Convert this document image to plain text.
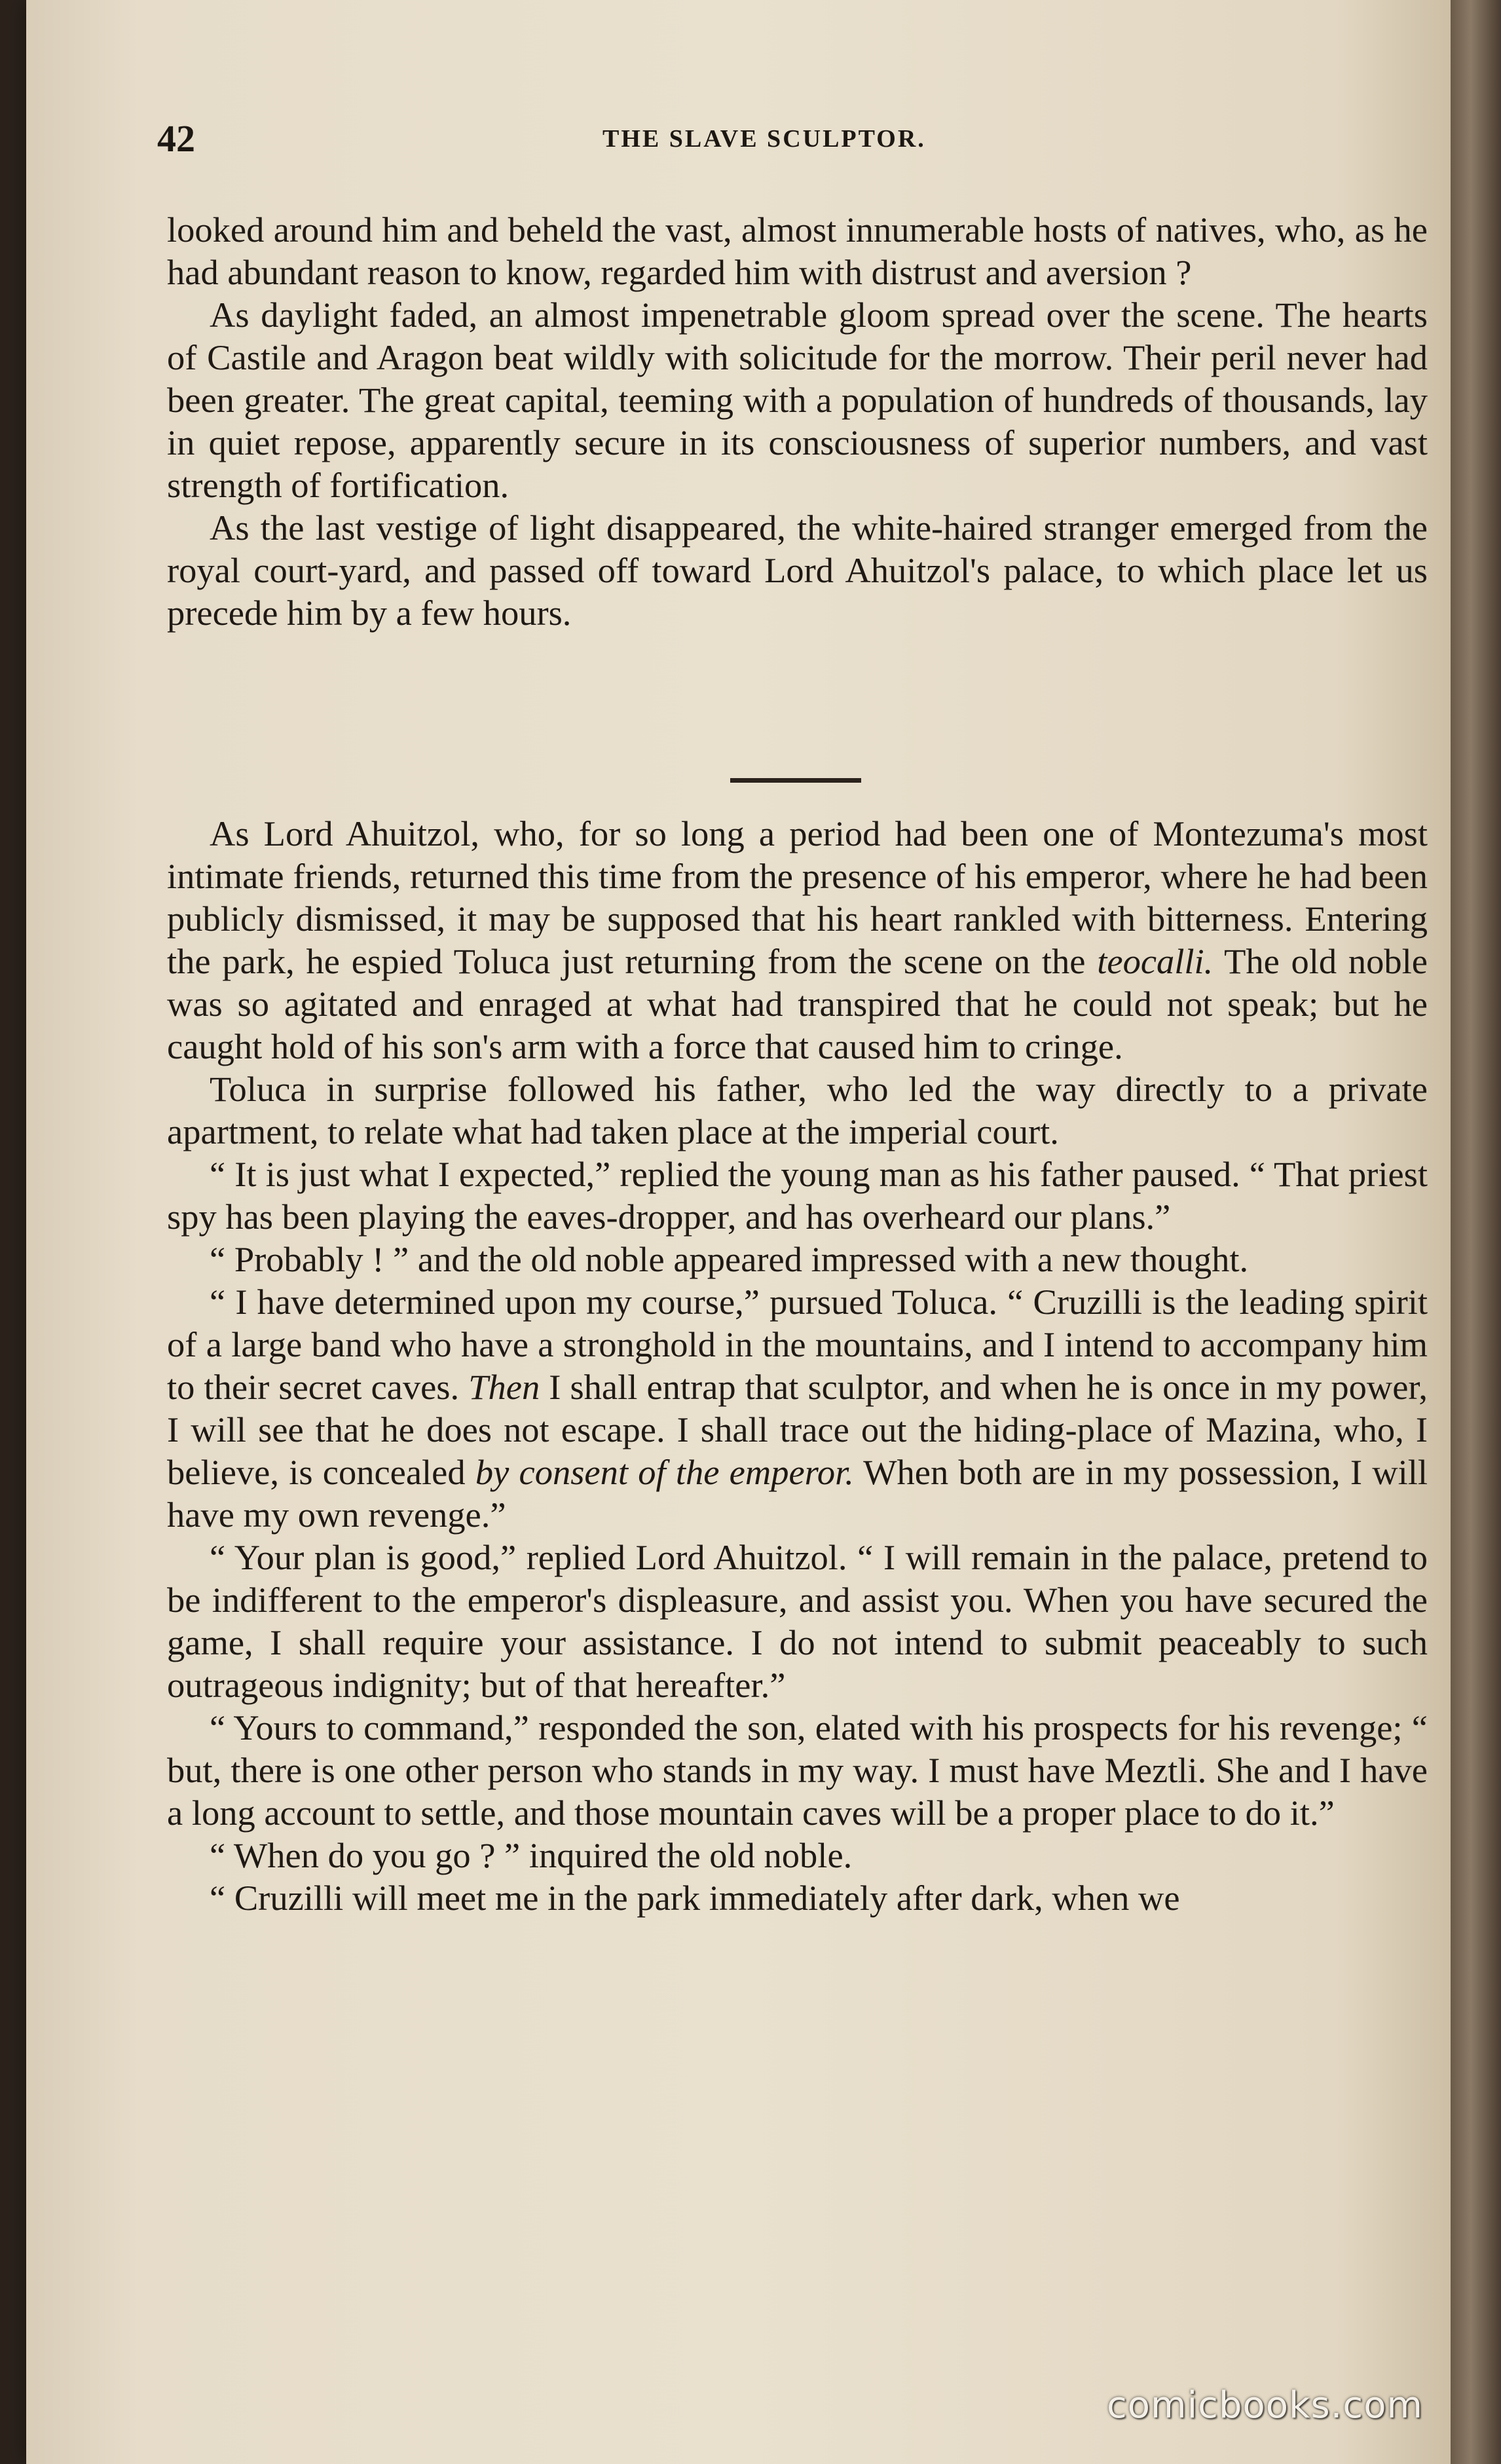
42	THE SLAVE SCULPTOR.

looked around him and beheld the vast, almost innumerable hosts of natives, who, as he had abundant reason to know, regarded him with distrust and aversion ?

As daylight faded, an almost impenetrable gloom spread over the scene. The hearts of Castile and Aragon beat wildly with solicitude for the morrow. Their peril never had been greater. The great capital, teeming with a population of hundreds of thousands, lay in quiet repose, apparently secure in its consciousness of superior numbers, and vast strength of fortification.

As the last vestige of light disappeared, the white-haired stranger emerged from the royal court-yard, and passed off toward Lord Ahuitzol's palace, to which place let us precede him by a few hours.

As Lord Ahuitzol, who, for so long a period had been one of Montezuma's most intimate friends, returned this time from the presence of his emperor, where he had been publicly dismissed, it may be supposed that his heart rankled with bitterness. Entering the park, he espied Toluca just returning from the scene on the teocalli. The old noble was so agitated and enraged at what had transpired that he could not speak; but he caught hold of his son's arm with a force that caused him to cringe.

Toluca in surprise followed his father, who led the way directly to a private apartment, to relate what had taken place at the imperial court.

“ It is just what I expected,” replied the young man as his father paused. “ That priest spy has been playing the eaves-dropper, and has overheard our plans.”

“ Probably ! ” and the old noble appeared impressed with a new thought.

“ I have determined upon my course,” pursued Toluca. “ Cruzilli is the leading spirit of a large band who have a stronghold in the mountains, and I intend to accompany him to their secret caves. Then I shall entrap that sculptor, and when he is once in my power, I will see that he does not escape. I shall trace out the hiding-place of Mazina, who, I believe, is concealed by consent of the emperor. When both are in my possession, I will have my own revenge.”

“ Your plan is good,” replied Lord Ahuitzol. “ I will remain in the palace, pretend to be indifferent to the emperor's displeasure, and assist you. When you have secured the game, I shall require your assistance. I do not intend to submit peaceably to such outrageous indignity; but of that hereafter.”

“ Yours to command,” responded the son, elated with his prospects for his revenge; “ but, there is one other person who stands in my way. I must have Meztli. She and I have a long account to settle, and those mountain caves will be a proper place to do it.”

“ When do you go ? ” inquired the old noble.

“ Cruzilli will meet me in the park immediately after dark, when we

comicbooks.com
